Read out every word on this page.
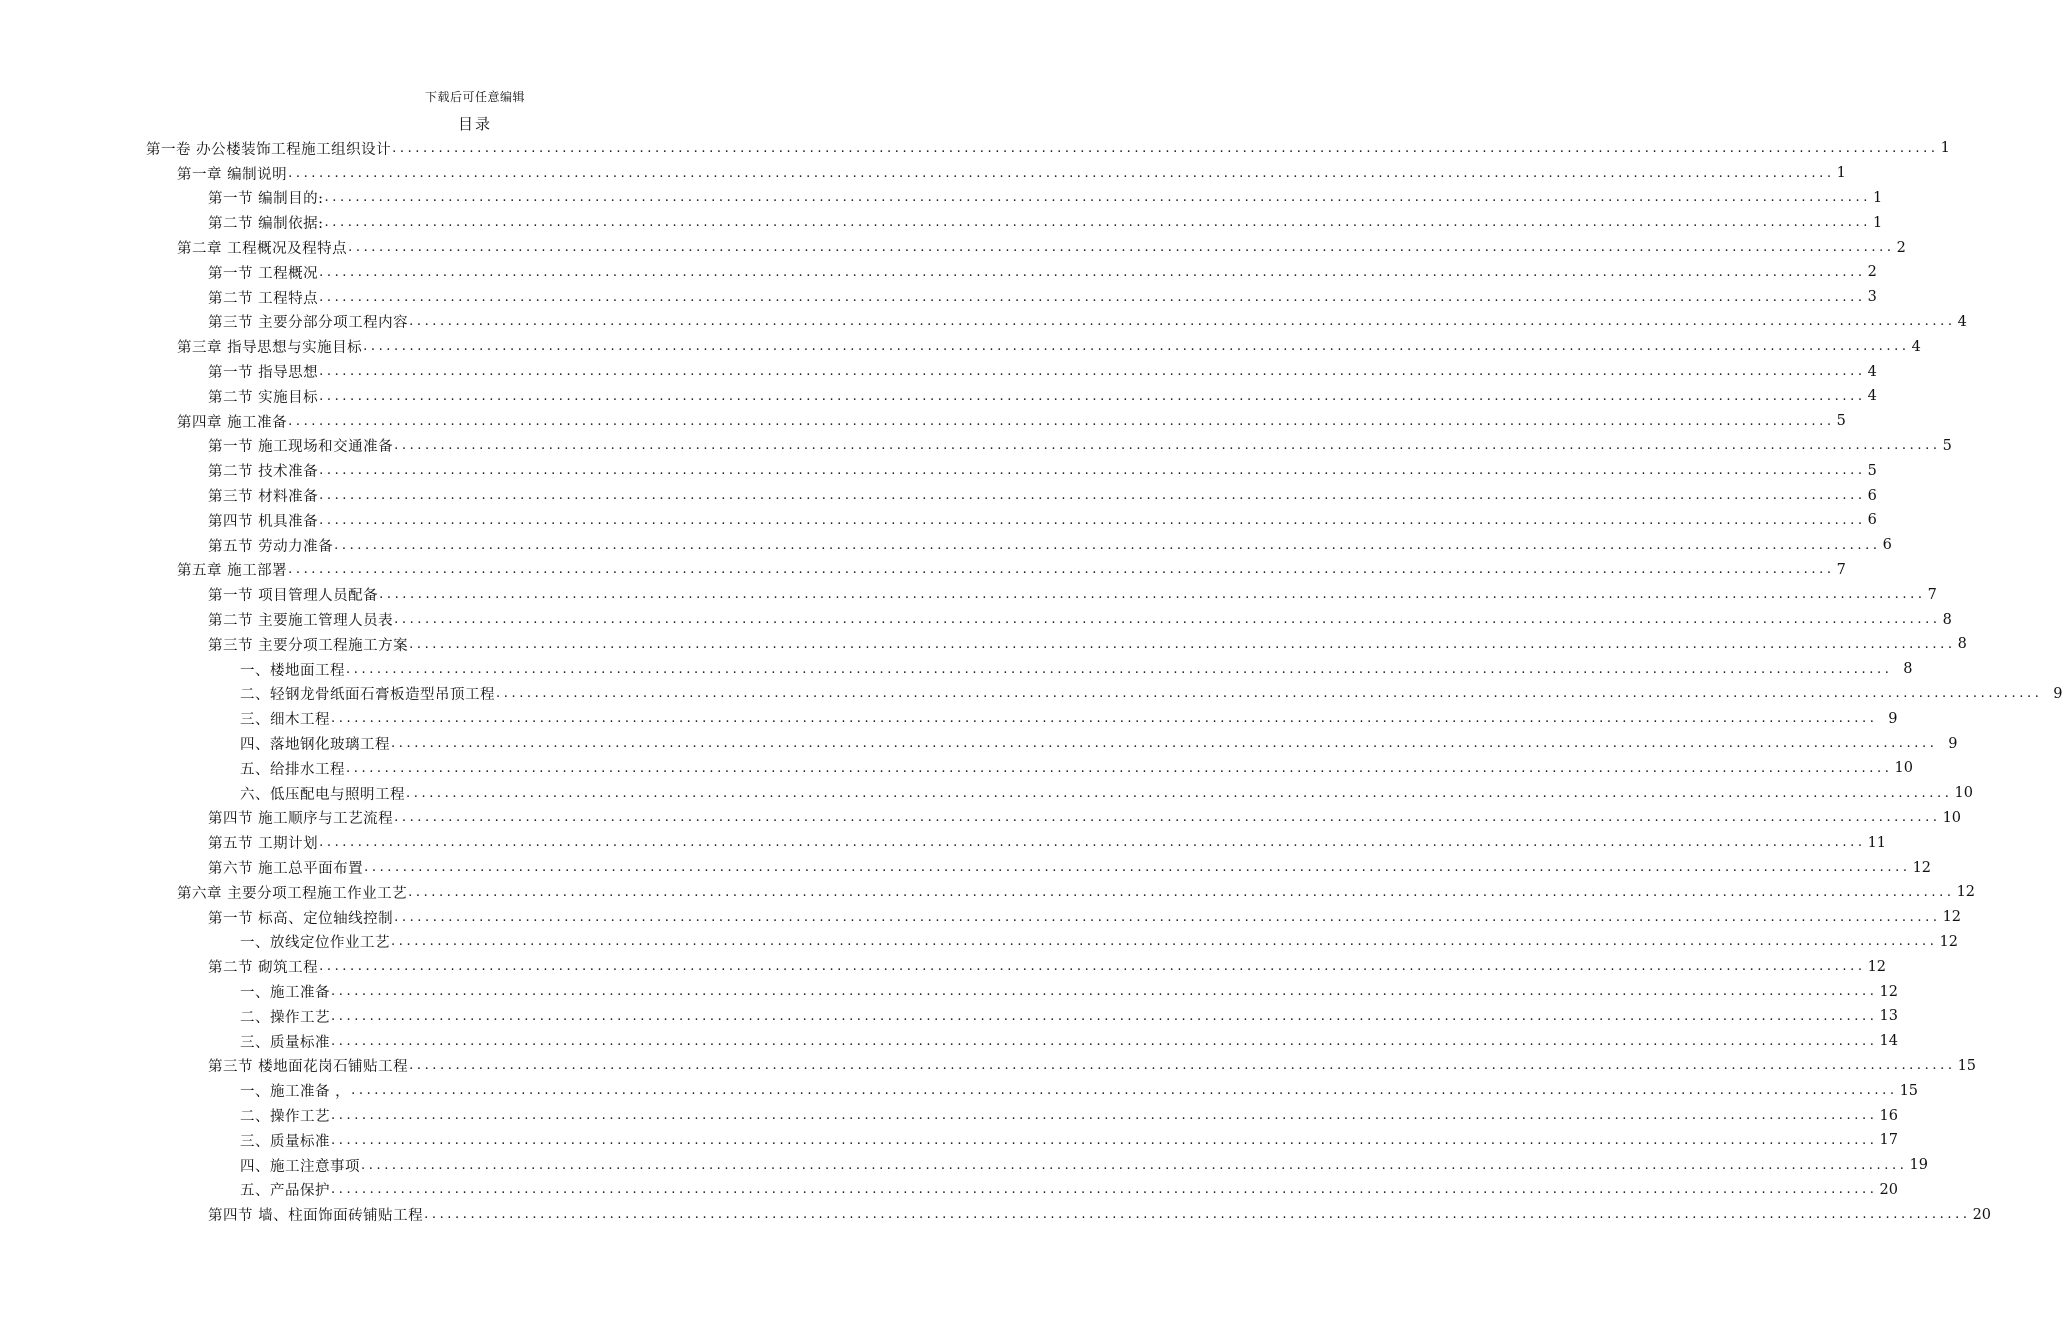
下载后可任意编辑
目录
第一卷 办公楼装饰工程施工组织设计 ........................................................................................................................................................................................................ 1
第一章 编制说明 ........................................................................................................................................................................................................ 1
第一节 编制目的: ........................................................................................................................................................................................................ 1
第二节 编制依据: ........................................................................................................................................................................................................ 1
第二章 工程概况及程特点 ........................................................................................................................................................................................................ 2
第一节 工程概况 ........................................................................................................................................................................................................ 2
第二节 工程特点 ........................................................................................................................................................................................................ 3
第三节 主要分部分项工程内容 ........................................................................................................................................................................................................ 4
第三章 指导思想与实施目标 ........................................................................................................................................................................................................ 4
第一节 指导思想 ........................................................................................................................................................................................................ 4
第二节 实施目标 ........................................................................................................................................................................................................ 4
第四章 施工准备 ........................................................................................................................................................................................................ 5
第一节 施工现场和交通准备 ........................................................................................................................................................................................................ 5
第二节 技术准备 ........................................................................................................................................................................................................ 5
第三节 材料准备 ........................................................................................................................................................................................................ 6
第四节 机具准备 ........................................................................................................................................................................................................ 6
第五节 劳动力准备 ........................................................................................................................................................................................................ 6
第五章 施工部署 ........................................................................................................................................................................................................ 7
第一节 项目管理人员配备 ........................................................................................................................................................................................................ 7
第二节 主要施工管理人员表 ........................................................................................................................................................................................................ 8
第三节 主要分项工程施工方案 ........................................................................................................................................................................................................ 8
一、楼地面工程 ........................................................................................................................................................................................................ 8
二、轻钢龙骨纸面石膏板造型吊顶工程 ........................................................................................................................................................................................................ 9
三、细木工程 ........................................................................................................................................................................................................ 9
四、落地钢化玻璃工程 ........................................................................................................................................................................................................ 9
五、给排水工程 ........................................................................................................................................................................................................ 10
六、低压配电与照明工程 ........................................................................................................................................................................................................ 10
第四节 施工顺序与工艺流程 ........................................................................................................................................................................................................ 10
第五节 工期计划 ........................................................................................................................................................................................................ 11
第六节 施工总平面布置 ........................................................................................................................................................................................................ 12
第六章 主要分项工程施工作业工艺 ........................................................................................................................................................................................................ 12
第一节 标高、定位轴线控制 ........................................................................................................................................................................................................ 12
一、放线定位作业工艺 ........................................................................................................................................................................................................ 12
第二节 砌筑工程 ........................................................................................................................................................................................................ 12
一、施工准备 ........................................................................................................................................................................................................ 12
二、操作工艺 ........................................................................................................................................................................................................ 13
三、质量标准 ........................................................................................................................................................................................................ 14
第三节 楼地面花岗石铺贴工程 ........................................................................................................................................................................................................ 15
一、施工准备 ， ........................................................................................................................................................................................................ 15
二、操作工艺 ........................................................................................................................................................................................................ 16
三、质量标准 ........................................................................................................................................................................................................ 17
四、施工注意事项 ........................................................................................................................................................................................................ 19
五、产品保护 ........................................................................................................................................................................................................ 20
第四节 墙、柱面饰面砖铺贴工程 ........................................................................................................................................................................................................ 20
